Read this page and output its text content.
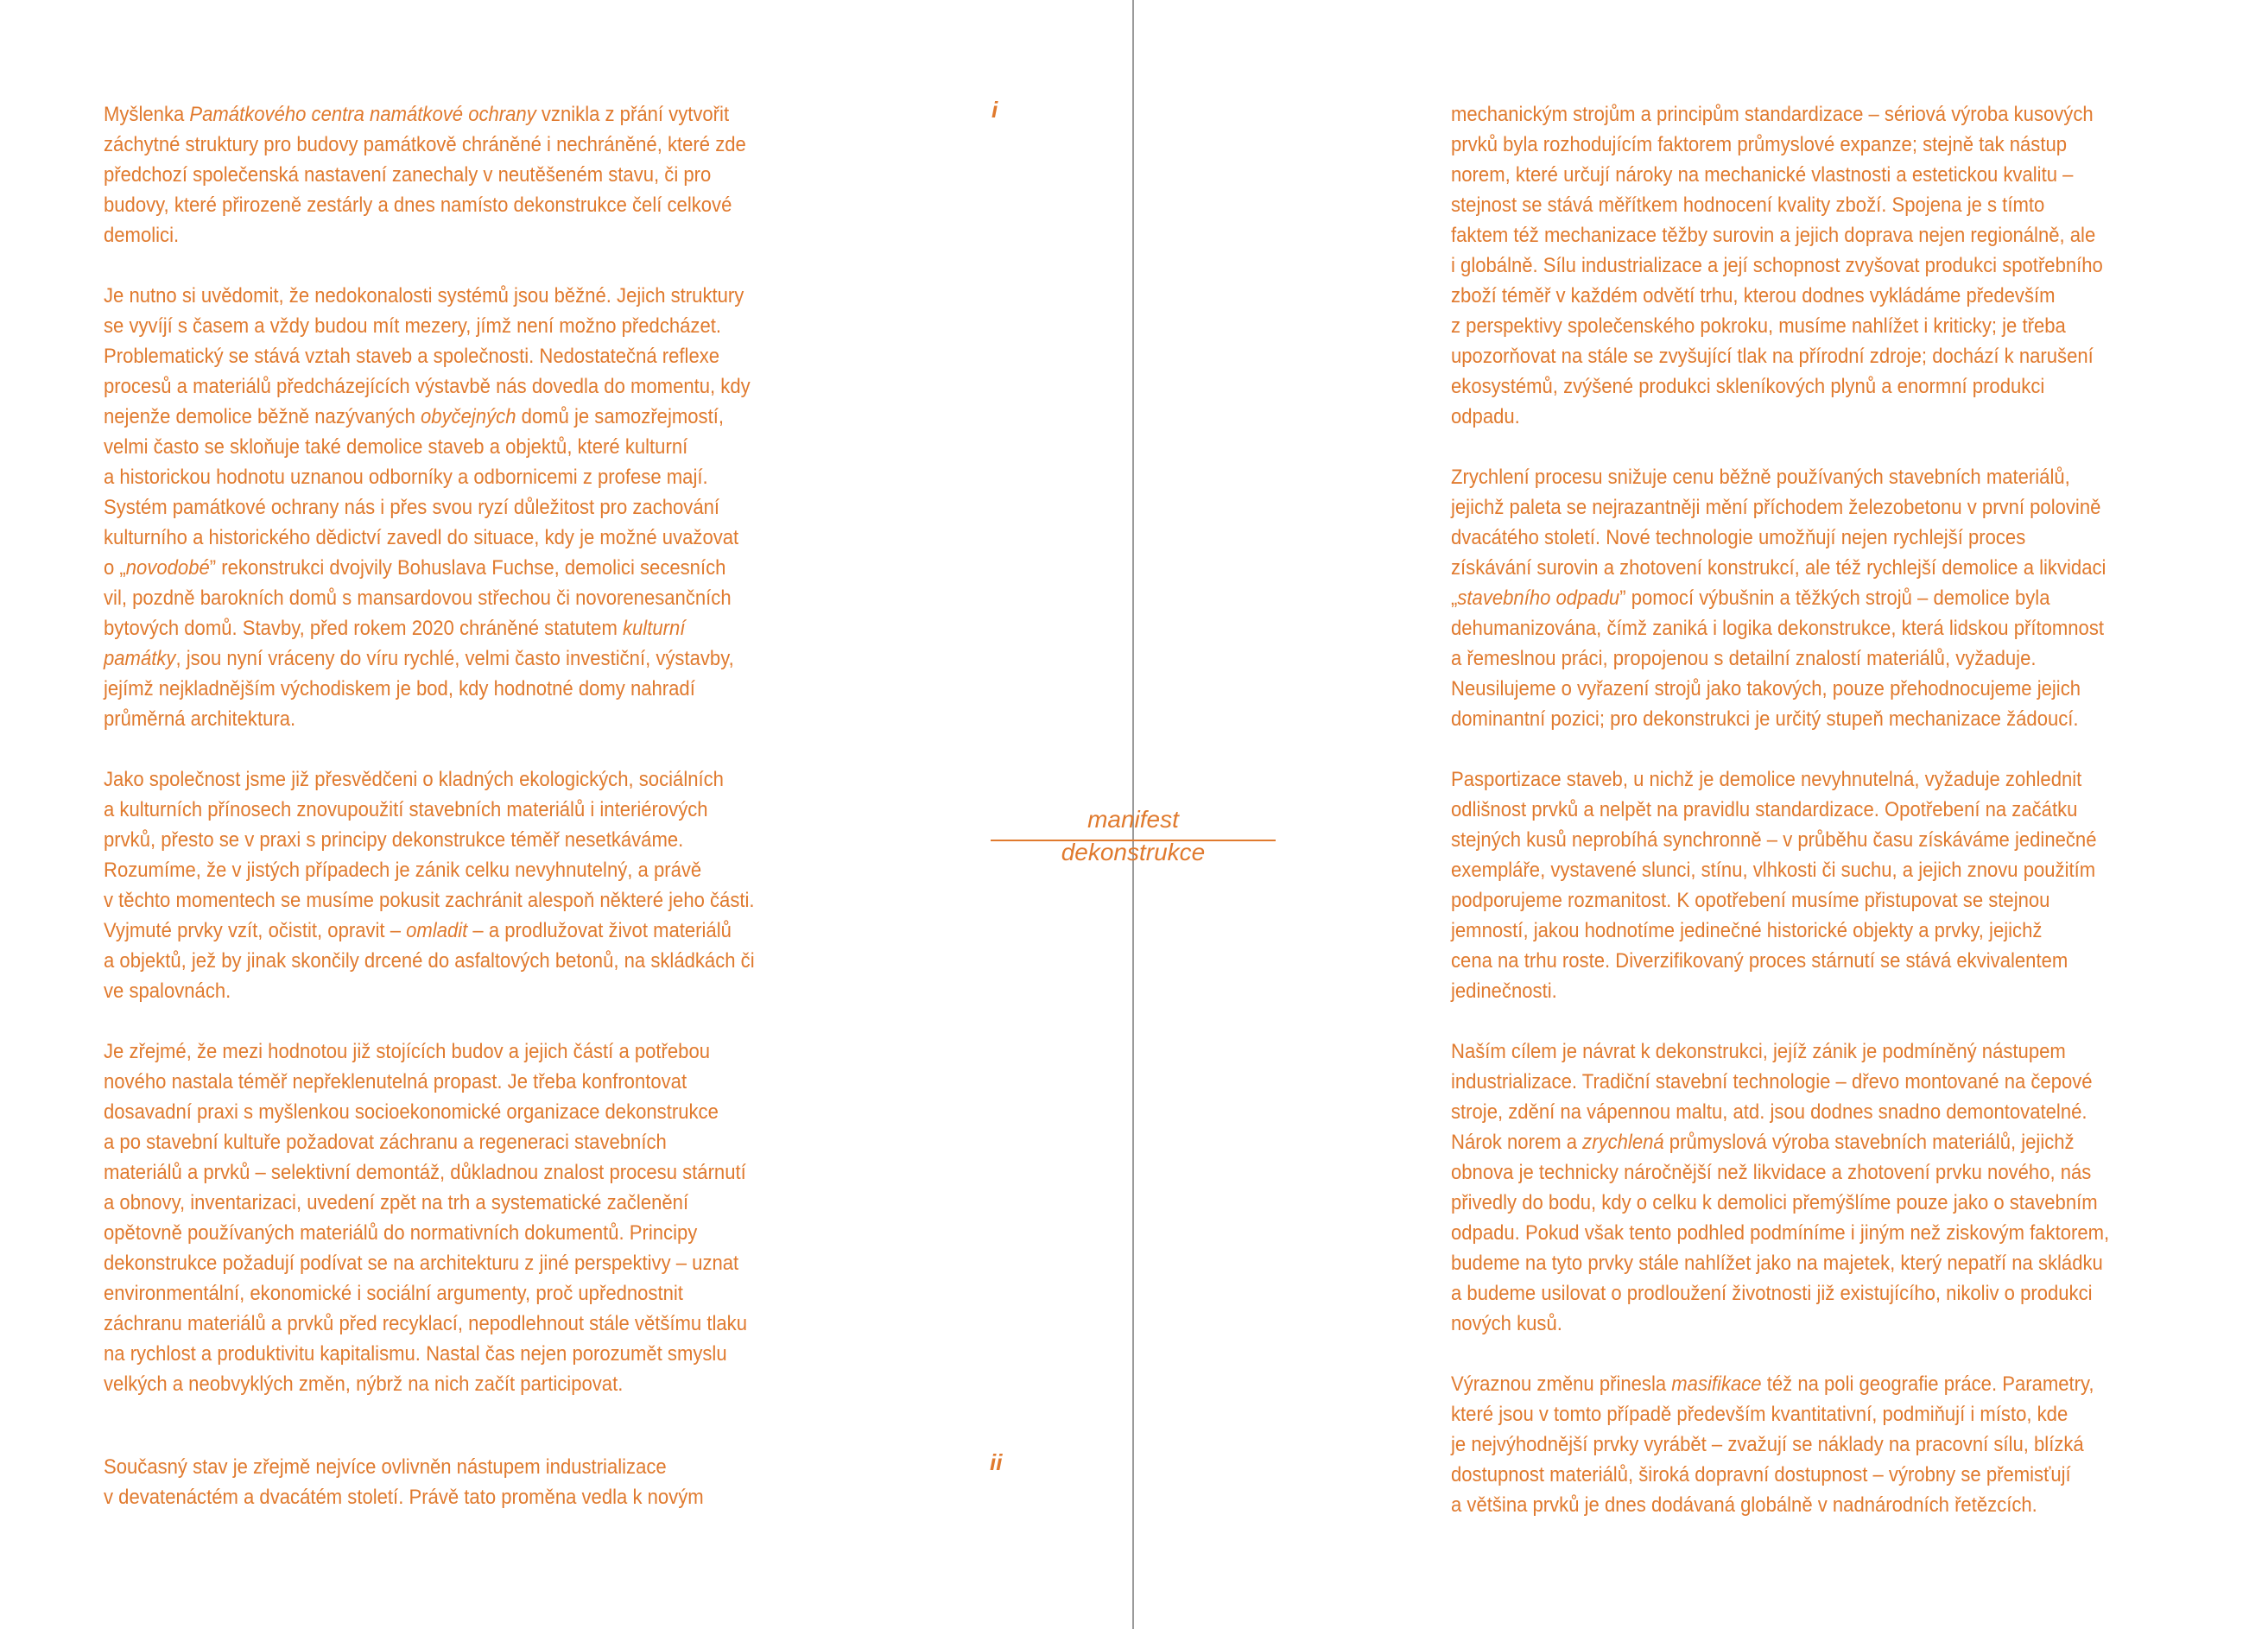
Myšlenka Památkového centra namátkové ochrany vznikla z přání vytvořit
záchytné struktury pro budovy památkově chráněné i nechráněné, které zde
předchozí společenská nastavení zanechaly v neutěšeném stavu, či pro
budovy, které přirozeně zestárly a dnes namísto dekonstrukce čelí celkové
demolici.
Je nutno si uvědomit, že nedokonalosti systémů jsou běžné. Jejich struktury
se vyvíjí s časem a vždy budou mít mezery, jímž není možno předcházet.
Problematický se stává vztah staveb a společnosti. Nedostatečná reflexe
procesů a materiálů předcházejících výstavbě nás dovedla do momentu, kdy
nejenže demolice běžně nazývaných obyčejných domů je samozřejmostí,
velmi často se skloňuje také demolice staveb a objektů, které kulturní
a historickou hodnotu uznanou odborníky a odbornicemi z profese mají.
Systém památkové ochrany nás i přes svou ryzí důležitost pro zachování
kulturního a historického dědictví zavedl do situace, kdy je možné uvažovat
o „novodobé” rekonstrukci dvojvily Bohuslava Fuchse, demolici secesních
vil, pozdně barokních domů s mansardovou střechou či novorenesančních
bytových domů. Stavby, před rokem 2020 chráněné statutem kulturní
památky, jsou nyní vráceny do víru rychlé, velmi často investiční, výstavby,
jejímž nejkladnějším východiskem je bod, kdy hodnotné domy nahradí
průměrná architektura.
Jako společnost jsme již přesvědčeni o kladných ekologických, sociálních
a kulturních přínosech znovupoužití stavebních materiálů i interiérových
prvků, přesto se v praxi s principy dekonstrukce téměř nesetkáváme.
Rozumíme, že v jistých případech je zánik celku nevyhnutelný, a právě
v těchto momentech se musíme pokusit zachránit alespoň některé jeho části.
Vyjmuté prvky vzít, očistit, opravit – omladit – a prodlužovat život materiálů
a objektů, jež by jinak skončily drcené do asfaltových betonů, na skládkách či
ve spalovnách.
Je zřejmé, že mezi hodnotou již stojících budov a jejich částí a potřebou
nového nastala téměř nepřeklenutelná propast. Je třeba konfrontovat
dosavadní praxi s myšlenkou socioekonomické organizace dekonstrukce
a po stavební kultuře požadovat záchranu a regeneraci stavebních
materiálů a prvků – selektivní demontáž, důkladnou znalost procesu stárnutí
a obnovy, inventarizaci, uvedení zpět na trh a systematické začlenění
opětovně používaných materiálů do normativních dokumentů. Principy
dekonstrukce požadují podívat se na architekturu z jiné perspektivy – uznat
environmentální, ekonomické i sociální argumenty, proč upřednostnit
záchranu materiálů a prvků před recyklací, nepodlehnout stále většímu tlaku
na rychlost a produktivitu kapitalismu. Nastal čas nejen porozumět smyslu
velkých a neobvyklých změn, nýbrž na nich začít participovat.
Současný stav je zřejmě nejvíce ovlivněn nástupem industrializace
v devatenáctém a dvacátém století. Právě tato proměna vedla k novým
mechanickým strojům a principům standardizace – sériová výroba kusových
prvků byla rozhodujícím faktorem průmyslové expanze; stejně tak nástup
norem, které určují nároky na mechanické vlastnosti a estetickou kvalitu –
stejnost se stává měřítkem hodnocení kvality zboží. Spojena je s tímto
faktem též mechanizace těžby surovin a jejich doprava nejen regionálně, ale
i globálně. Sílu industrializace a její schopnost zvyšovat produkci spotřebního
zboží téměř v každém odvětí trhu, kterou dodnes vykládáme především
z perspektivy společenského pokroku, musíme nahlížet i kriticky; je třeba
upozorňovat na stále se zvyšující tlak na přírodní zdroje; dochází k narušení
ekosystémů, zvýšené produkci skleníkových plynů a enormní produkci
odpadu.
Zrychlení procesu snižuje cenu běžně používaných stavebních materiálů,
jejichž paleta se nejrazantněji mění příchodem železobetonu v první polovině
dvacátého století. Nové technologie umožňují nejen rychlejší proces
získávání surovin a zhotovení konstrukcí, ale též rychlejší demolice a likvidaci
„stavebního odpadu” pomocí výbušnin a těžkých strojů – demolice byla
dehumanizována, čímž zaniká i logika dekonstrukce, která lidskou přítomnost
a řemeslnou práci, propojenou s detailní znalostí materiálů, vyžaduje.
Neusilujeme o vyřazení strojů jako takových, pouze přehodnocujeme jejich
dominantní pozici; pro dekonstrukci je určitý stupeň mechanizace žádoucí.
Pasportizace staveb, u nichž je demolice nevyhnutelná, vyžaduje zohlednit
odlišnost prvků a nelpět na pravidlu standardizace. Opotřebení na začátku
stejných kusů neprobíhá synchronně – v průběhu času získáváme jedinečné
exempláře, vystavené slunci, stínu, vlhkosti či suchu, a jejich znovu použitím
podporujeme rozmanitost. K opotřebení musíme přistupovat se stejnou
jemností, jakou hodnotíme jedinečné historické objekty a prvky, jejichž
cena na trhu roste. Diverzifikovaný proces stárnutí se stává ekvivalentem
jedinečnosti.
Naším cílem je návrat k dekonstrukci, jejíž zánik je podmíněný nástupem
industrializace. Tradiční stavební technologie – dřevo montované na čepové
stroje, zdění na vápennou maltu, atd. jsou dodnes snadno demontovatelné.
Nárok norem a zrychlená průmyslová výroba stavebních materiálů, jejichž
obnova je technicky náročnější než likvidace a zhotovení prvku nového, nás
přivedly do bodu, kdy o celku k demolici přemýšlíme pouze jako o stavebním
odpadu. Pokud však tento podhled podmíníme i jiným než ziskovým faktorem,
budeme na tyto prvky stále nahlížet jako na majetek, který nepatří na skládku
a budeme usilovat o prodloužení životnosti již existujícího, nikoliv o produkci
nových kusů.
Výraznou změnu přinesla masifikace též na poli geografie práce. Parametry,
které jsou v tomto případě především kvantitativní, podmiňují i místo, kde
je nejvýhodnější prvky vyrábět – zvažují se náklady na pracovní sílu, blízká
dostupnost materiálů, široká dopravní dostupnost – výrobny se přemisťují
a většina prvků je dnes dodávaná globálně v nadnárodních řetězcích.
i
ii
manifest
dekonstrukce
